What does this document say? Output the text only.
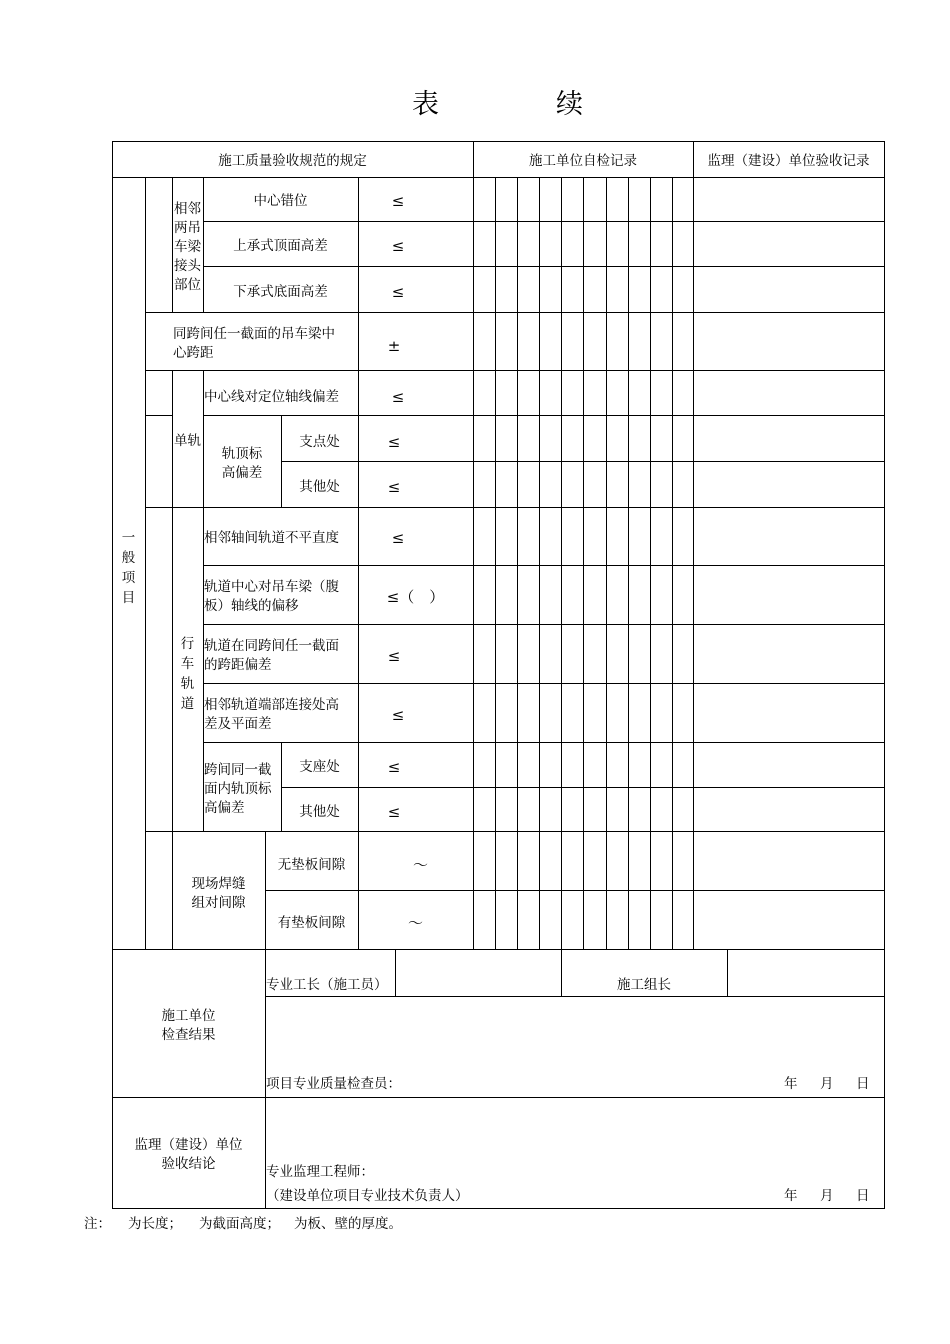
表	续
施工质量验收规范的规定	施工单位自检记录	监理（建设）单位验收记录
一
般
项
目
相邻
两吊
车梁
接头
部位
中心错位	≤
上承式顶面高差	≤
下承式底面高差	≤
同跨间任一截面的吊车梁中
心跨距	±
单轨
中心线对定位轴线偏差	≤
轨顶标
高偏差
支点处	≤
其他处	≤
行
车
轨
道
相邻轴间轨道不平直度	≤
轨道中心对吊车梁（腹
板）轴线的偏移	≤（　）
轨道在同跨间任一截面
的跨距偏差	≤
相邻轨道端部连接处高
差及平面差	≤
跨间同一截
面内轨顶标
高偏差
支座处	≤
其他处	≤
现场焊缝
组对间隙
无垫板间隙	～
有垫板间隙	～
施工单位
检查结果
专业工长（施工员）	施工组长
项目专业质量检查员：	年 月 日
监理（建设）单位
验收结论	专业监理工程师：
（建设单位项目专业技术负责人）	年 月 日
注： 为长度； 为截面高度； 为板、壁的厚度。
